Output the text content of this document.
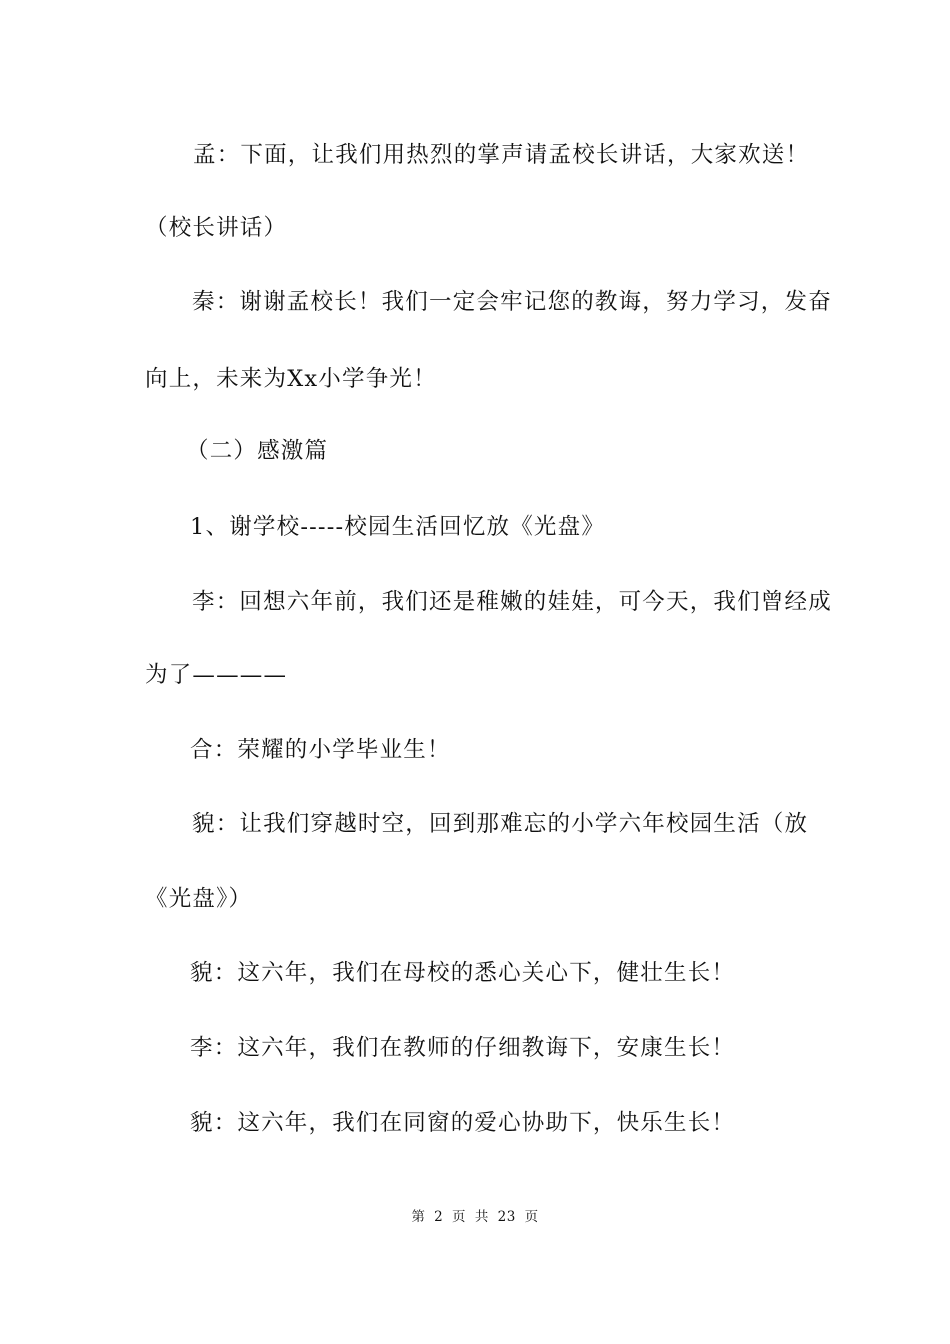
孟：下面，让我们用热烈的掌声请孟校长讲话，大家欢送！
（校长讲话）
秦：谢谢孟校长！我们一定会牢记您的教诲，努力学习，发奋
向上，未来为Xx小学争光！
（二）感激篇
1、谢学校-----校园生活回忆放《光盘》
李：回想六年前，我们还是稚嫩的娃娃，可今天，我们曾经成
为了————
合：荣耀的小学毕业生！
貌：让我们穿越时空，回到那难忘的小学六年校园生活（放
《光盘》）
貌：这六年，我们在母校的悉心关心下，健壮生长！
李：这六年，我们在教师的仔细教诲下，安康生长！
貌：这六年，我们在同窗的爱心协助下，快乐生长！
第 2 页 共 23 页
